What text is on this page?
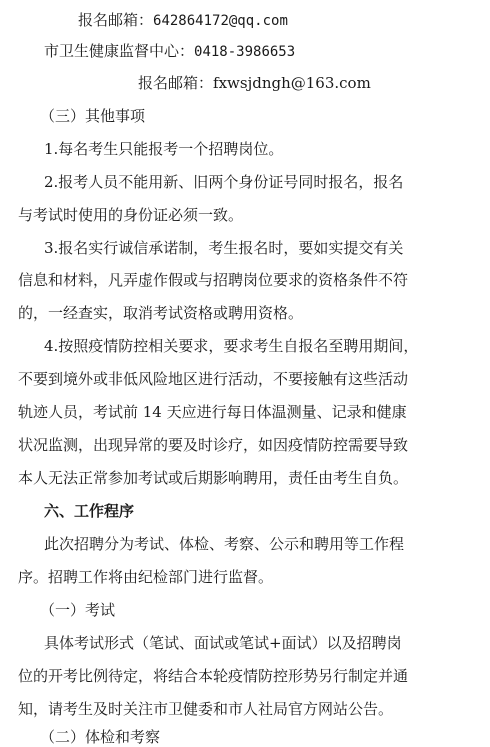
报名邮箱：642864172@qq.com
市卫生健康监督中心：0418-3986653
报名邮箱：fxwsjdngh@163.com
（三）其他事项
1.每名考生只能报考一个招聘岗位。
2.报考人员不能用新、旧两个身份证号同时报名，报名
与考试时使用的身份证必须一致。
3.报名实行诚信承诺制，考生报名时，要如实提交有关
信息和材料，凡弄虚作假或与招聘岗位要求的资格条件不符
的，一经查实，取消考试资格或聘用资格。
4.按照疫情防控相关要求，要求考生自报名至聘用期间，
不要到境外或非低风险地区进行活动，不要接触有这些活动
轨迹人员，考试前 14 天应进行每日体温测量、记录和健康
状况监测，出现异常的要及时诊疗，如因疫情防控需要导致
本人无法正常参加考试或后期影响聘用，责任由考生自负。
六、工作程序
此次招聘分为考试、体检、考察、公示和聘用等工作程
序。招聘工作将由纪检部门进行监督。
（一）考试
具体考试形式（笔试、面试或笔试+面试）以及招聘岗
位的开考比例待定，将结合本轮疫情防控形势另行制定并通
知，请考生及时关注市卫健委和市人社局官方网站公告。
（二）体检和考察
